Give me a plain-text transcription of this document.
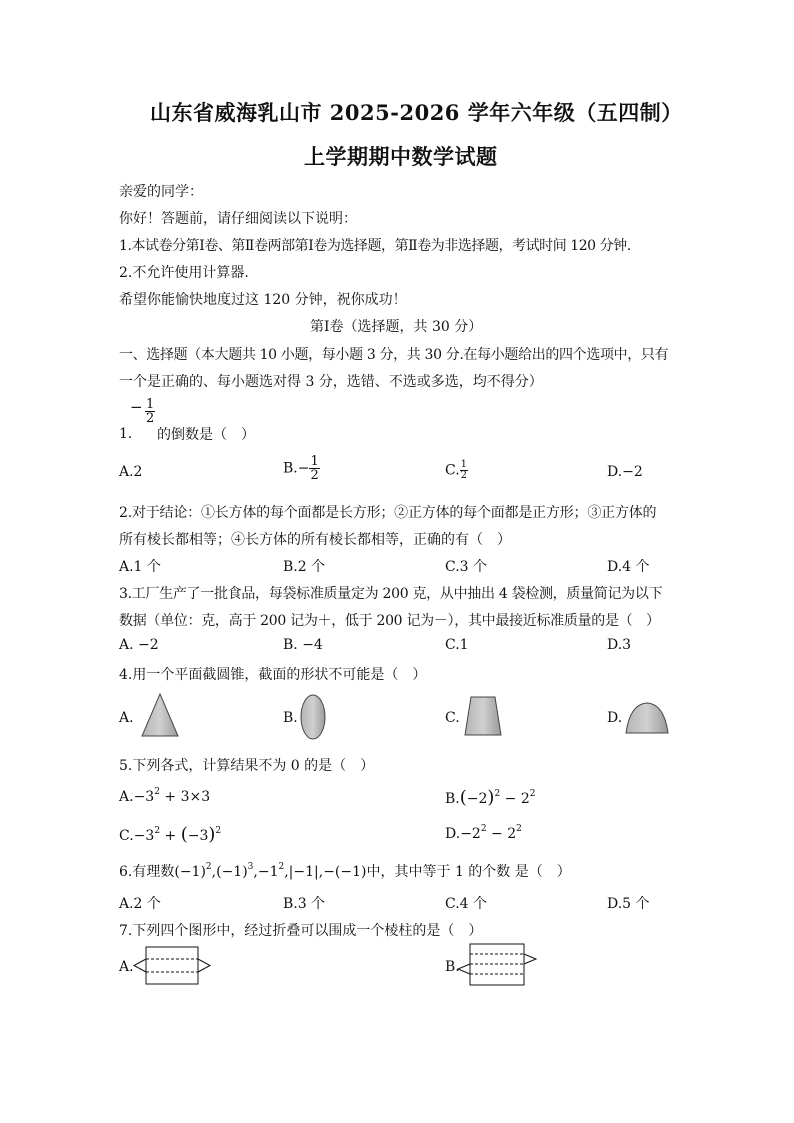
山东省威海乳山市 2025-2026 学年六年级（五四制）
上学期期中数学试题
亲爱的同学：
你好！答题前，请仔细阅读以下说明：
1.本试卷分第Ⅰ卷、第Ⅱ卷两部第Ⅰ卷为选择题，第Ⅱ卷为非选择题，考试时间 120 分钟.
2.不允许使用计算器.
希望你能愉快地度过这 120 分钟，祝你成功！
第Ⅰ卷（选择题，共 30 分）
一、选择题（本大题共 10 小题，每小题 3 分，共 30 分.在每小题给出的四个选项中，只有
一个是正确的、每小题选对得 3 分，选错、不选或多选，均不得分）
− $\frac{1}{2}$
1. 的倒数是（　）
A.2	$B.- \frac{1}{2}$	C. $\frac{1}{2}$	D.−2
2.对于结论：①长方体的每个面都是长方形；②正方体的每个面都是正方形；③正方体的
所有棱长都相等；④长方体的所有棱长都相等，正确的有（　）
A.1 个	B.2 个	C.3 个	D.4 个
3.工厂生产了一批食品，每袋标准质量定为 200 克，从中抽出 4 袋检测，质量简记为以下
数据（单位：克，高于 200 记为＋，低于 200 记为－），其中最接近标准质量的是（　）
A. −2	B. −4	C.1	D.3
4.用一个平面截圆锥，截面的形状不可能是（　）
A.	B.	C.	D.
5.下列各式，计算结果不为 0 的是（　）
$A.-3^2 + 3\times 3$	$B.(-2)^2 - 2^2$
$C.-3^2 + (-3)^2$	$D.-2^2 - 2^2$
6.有理数$(-1)^2,(-1)^3,-1^2,|-1|,-(-1)$中，其中等于 1 的个数 是（　）
A.2 个	B.3 个	C.4 个	D.5 个
7.下列四个图形中，经过折叠可以围成一个棱柱的是（　）
A.	B.
